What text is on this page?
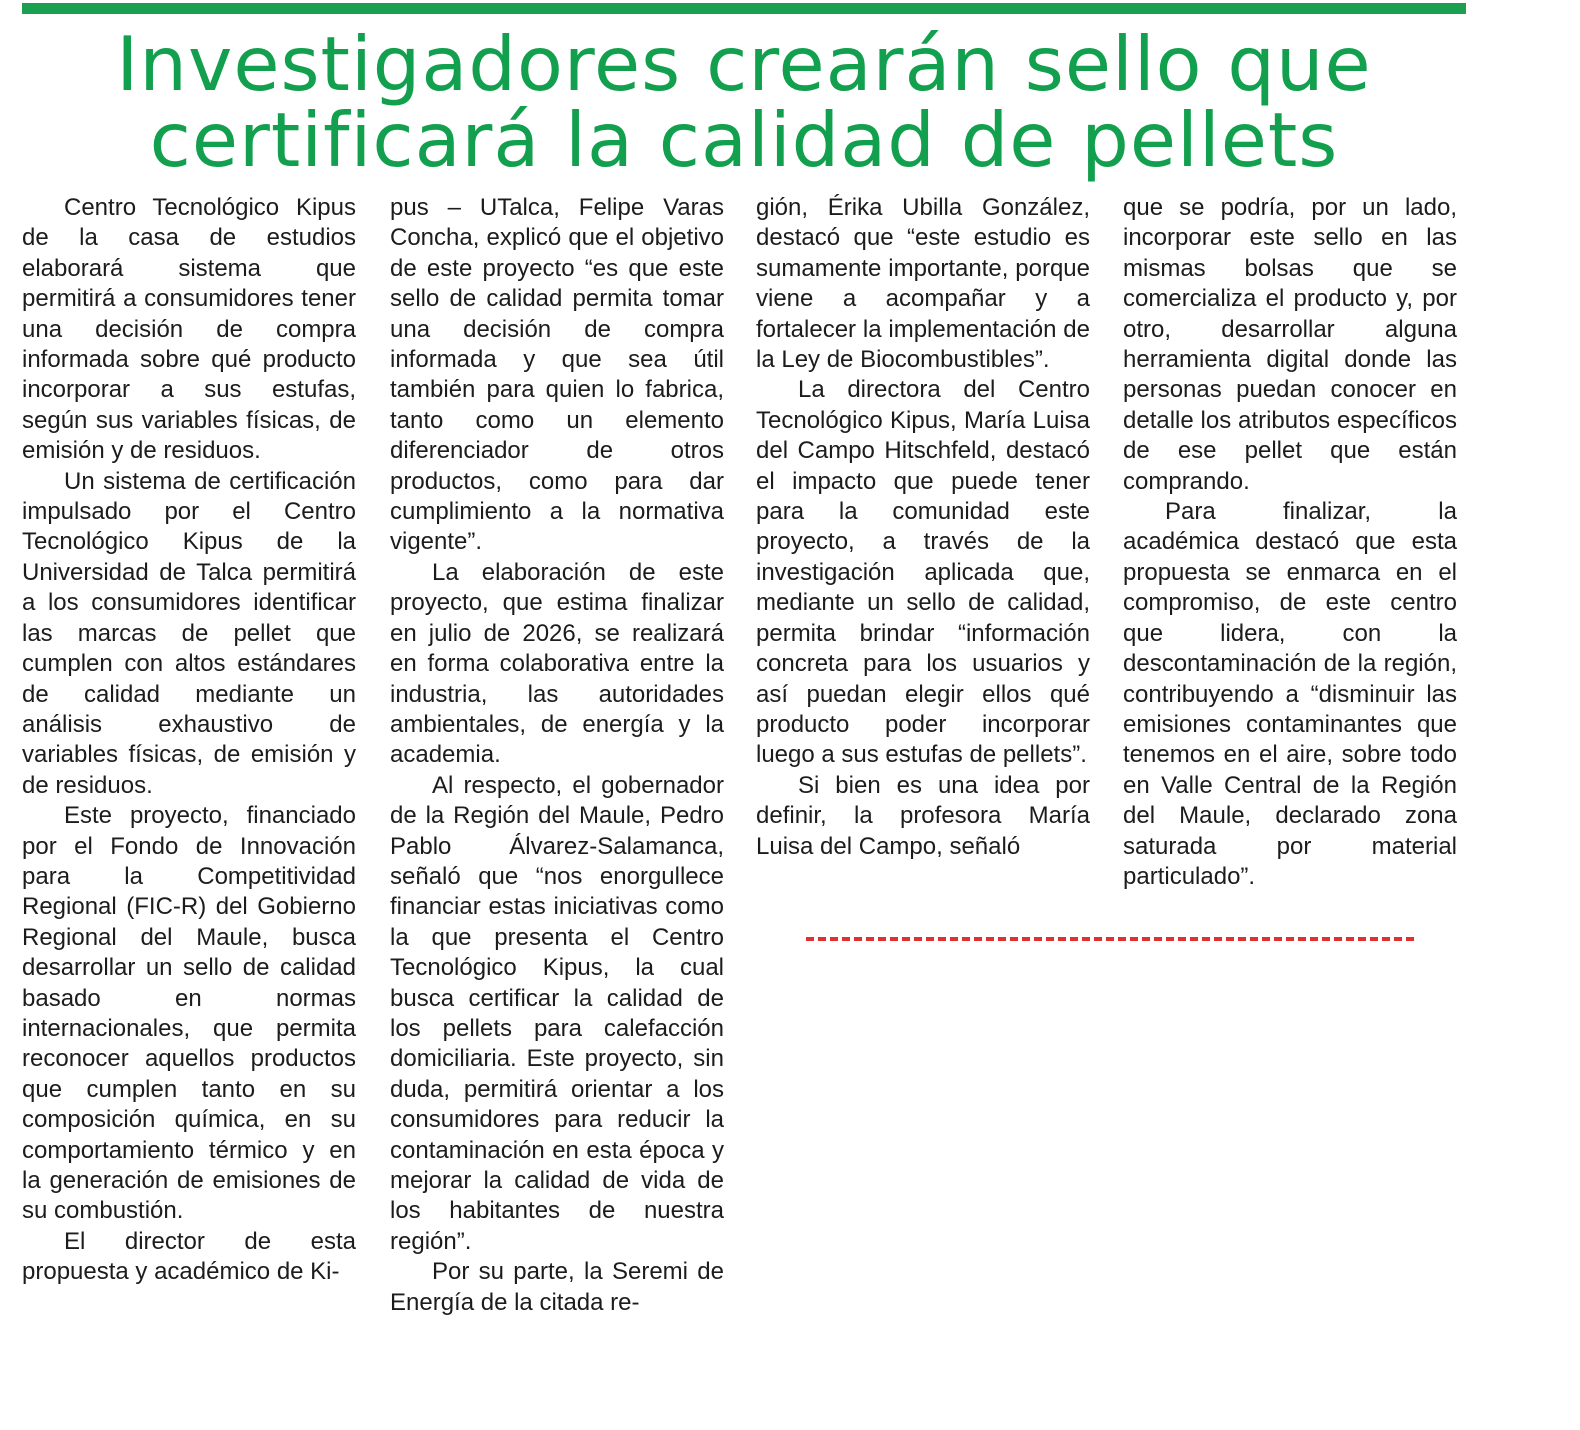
Investigadores crearán sello que
certificará la calidad de pellets

Centro Tecnológico Kipus de la casa de estudios elaborará sistema que permitirá a consumidores tener una decisión de compra informada sobre qué producto incorporar a sus estufas, según sus variables físicas, de emisión y de residuos.

Un sistema de certificación impulsado por el Centro Tecnológico Kipus de la Universidad de Talca permitirá a los consumidores identificar las marcas de pellet que cumplen con altos estándares de calidad mediante un análisis exhaustivo de variables físicas, de emisión y de residuos.

Este proyecto, financiado por el Fondo de Innovación para la Competitividad Regional (FIC-R) del Gobierno Regional del Maule, busca desarrollar un sello de calidad basado en normas internacionales, que permita reconocer aquellos productos que cumplen tanto en su composición química, en su comportamiento térmico y en la generación de emisiones de su combustión.

El director de esta propuesta y académico de Ki-

pus – UTalca, Felipe Varas Concha, explicó que el objetivo de este proyecto “es que este sello de calidad permita tomar una decisión de compra informada y que sea útil también para quien lo fabrica, tanto como un elemento diferenciador de otros productos, como para dar cumplimiento a la normativa vigente”.

La elaboración de este proyecto, que estima finalizar en julio de 2026, se realizará en forma colaborativa entre la industria, las autoridades ambientales, de energía y la academia.

Al respecto, el gobernador de la Región del Maule, Pedro Pablo Álvarez-Salamanca, señaló que “nos enorgullece financiar estas iniciativas como la que presenta el Centro Tecnológico Kipus, la cual busca certificar la calidad de los pellets para calefacción domiciliaria. Este proyecto, sin duda, permitirá orientar a los consumidores para reducir la contaminación en esta época y mejorar la calidad de vida de los habitantes de nuestra región”.

Por su parte, la Seremi de Energía de la citada re-

gión, Érika Ubilla González, destacó que “este estudio es sumamente importante, porque viene a acompañar y a fortalecer la implementación de la Ley de Biocombustibles”.

La directora del Centro Tecnológico Kipus, María Luisa del Campo Hitschfeld, destacó el impacto que puede tener para la comunidad este proyecto, a través de la investigación aplicada que, mediante un sello de calidad, permita brindar “información concreta para los usuarios y así puedan elegir ellos qué producto poder incorporar luego a sus estufas de pellets”.

Si bien es una idea por definir, la profesora María Luisa del Campo, señaló

que se podría, por un lado, incorporar este sello en las mismas bolsas que se comercializa el producto y, por otro, desarrollar alguna herramienta digital donde las personas puedan conocer en detalle los atributos específicos de ese pellet que están comprando.

Para finalizar, la académica destacó que esta propuesta se enmarca en el compromiso, de este centro que lidera, con la descontaminación de la región, contribuyendo a “disminuir las emisiones contaminantes que tenemos en el aire, sobre todo en Valle Central de la Región del Maule, declarado zona saturada por material particulado”.
